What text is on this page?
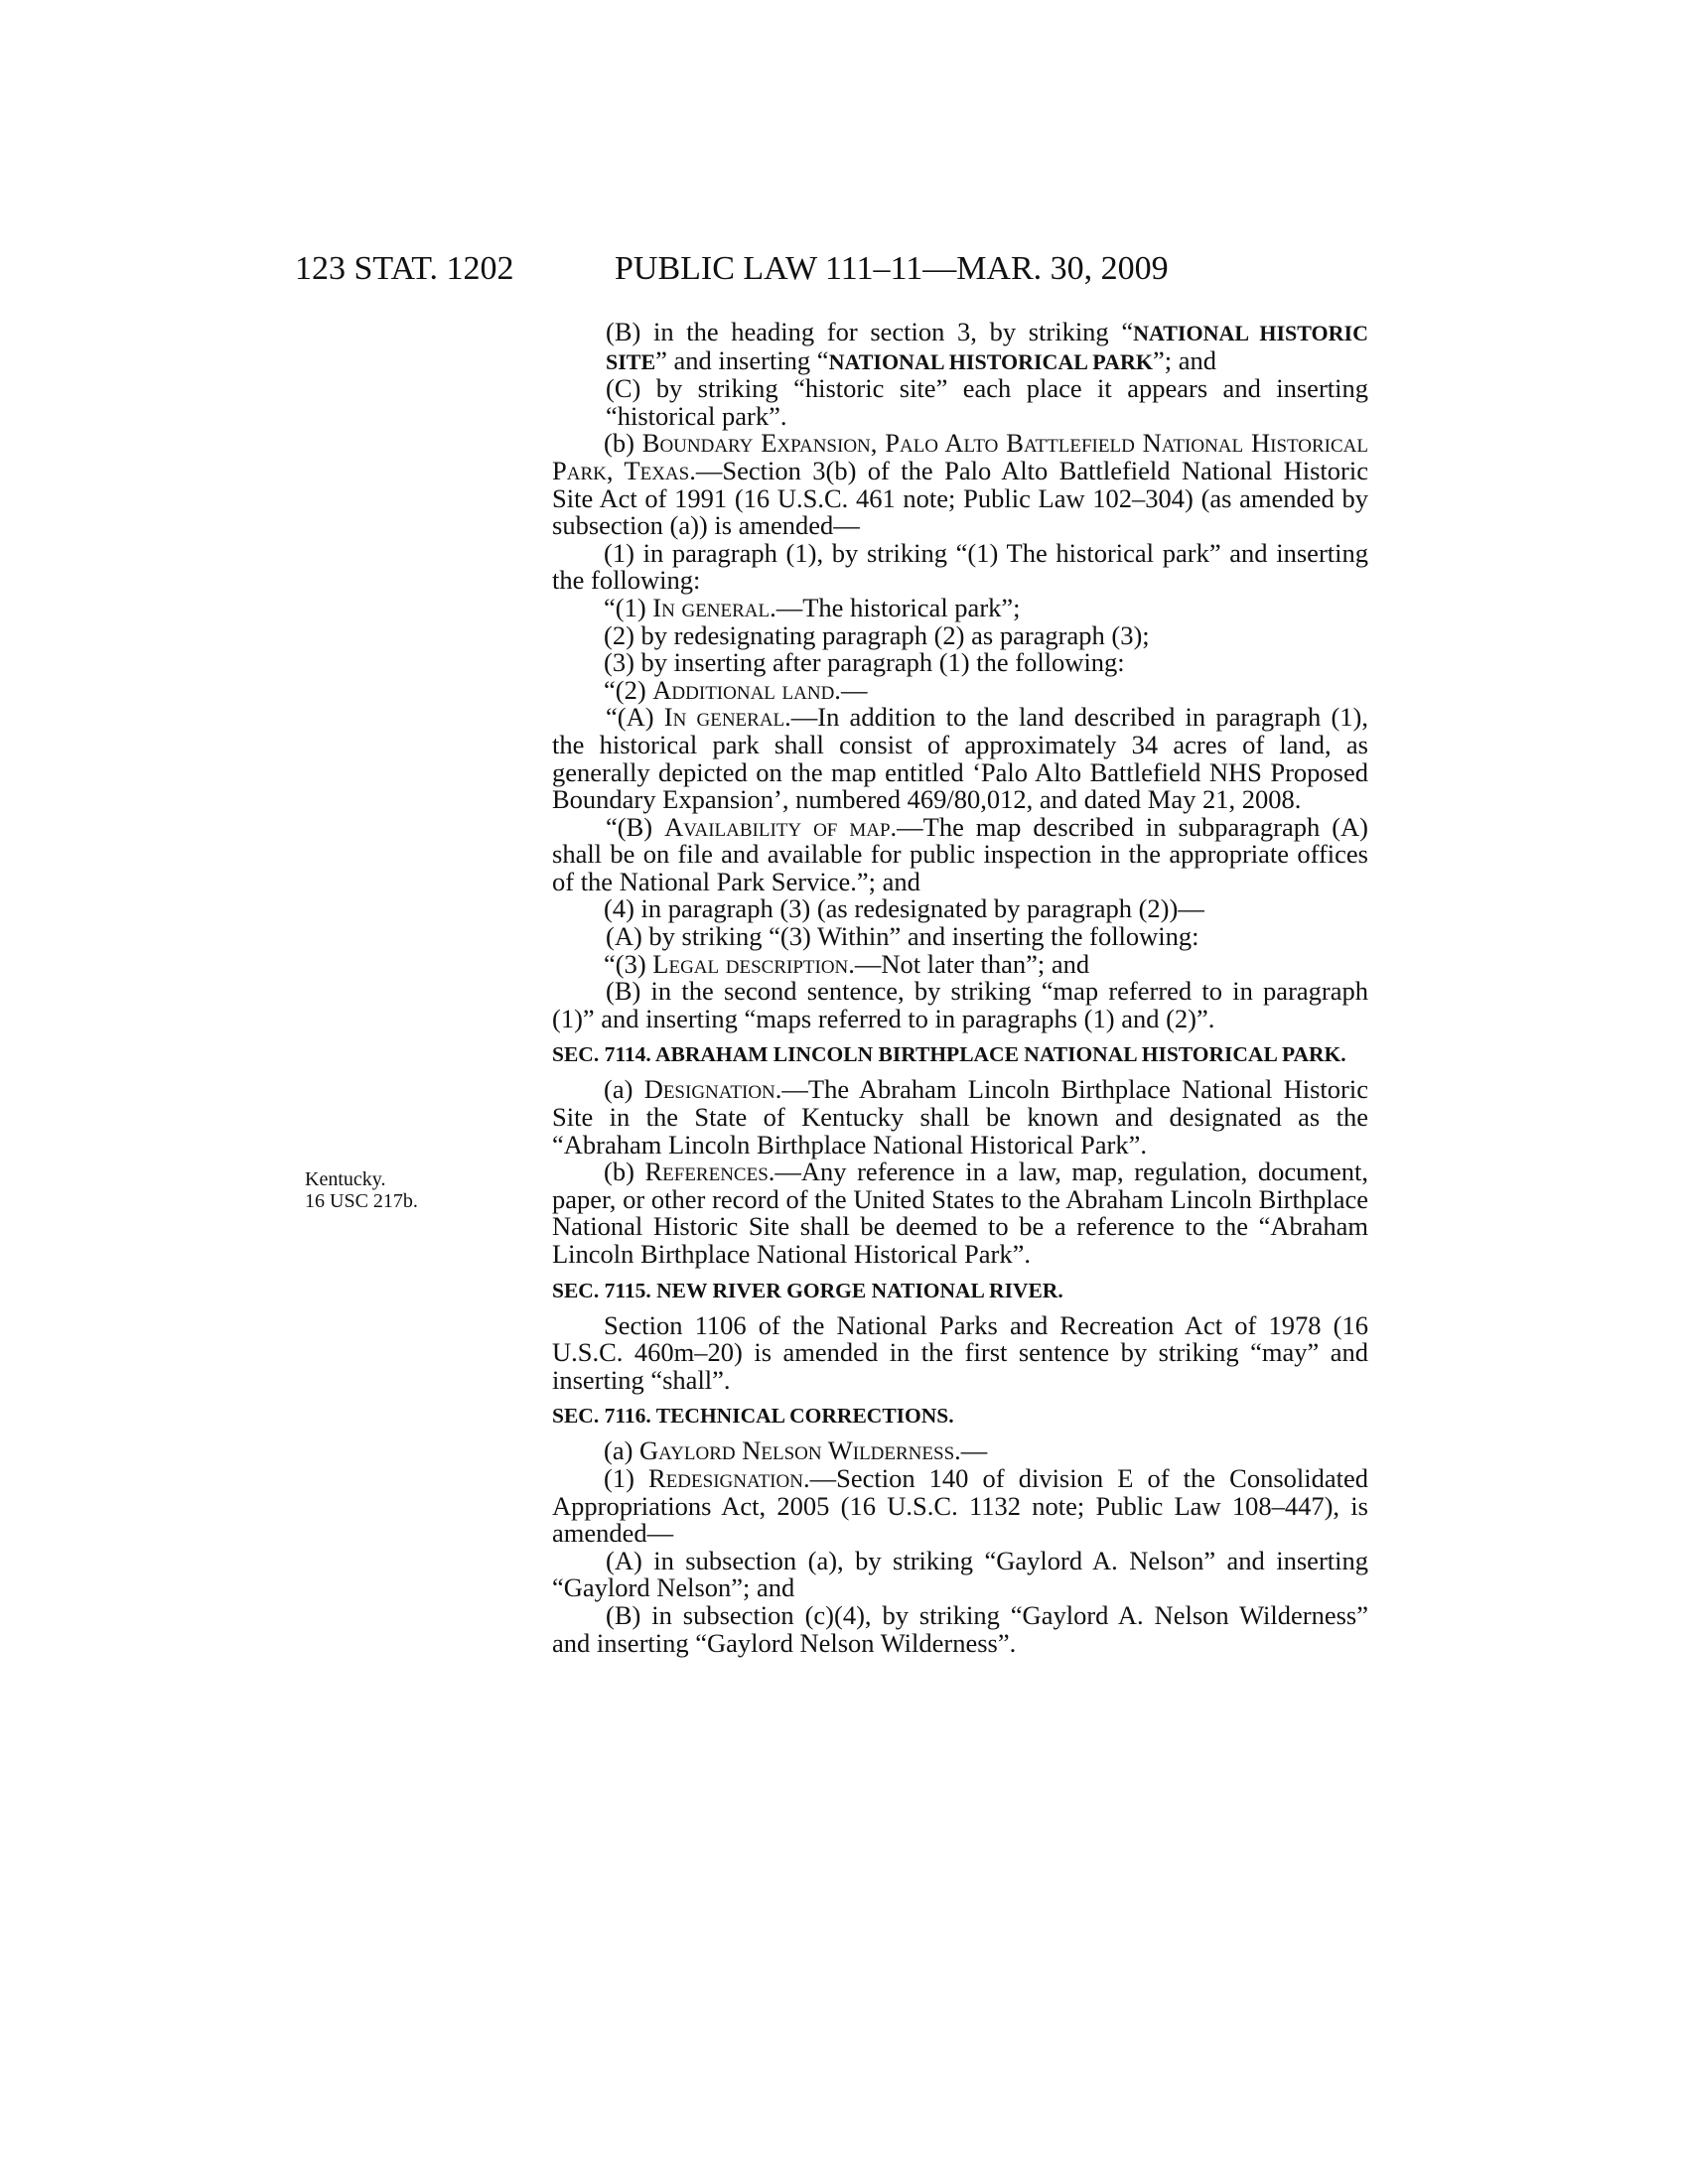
123 STAT. 1202	PUBLIC LAW 111–11—MAR. 30, 2009
Kentucky.
16 USC 217b.

(B) in the heading for section 3, by striking “NATIONAL HISTORIC SITE” and inserting “NATIONAL HISTORICAL PARK”; and

(C) by striking “historic site” each place it appears and inserting “historical park”.

(b) Boundary Expansion, Palo Alto Battlefield National Historical Park, Texas.—Section 3(b) of the Palo Alto Battlefield National Historic Site Act of 1991 (16 U.S.C. 461 note; Public Law 102–304) (as amended by subsection (a)) is amended—

(1) in paragraph (1), by striking “(1) The historical park” and inserting the following:

“(1) In general.—The historical park”;

(2) by redesignating paragraph (2) as paragraph (3);

(3) by inserting after paragraph (1) the following:

“(2) Additional land.—

“(A) In general.—In addition to the land described in paragraph (1), the historical park shall consist of approximately 34 acres of land, as generally depicted on the map entitled ‘Palo Alto Battlefield NHS Proposed Boundary Expansion’, numbered 469/80,012, and dated May 21, 2008.

“(B) Availability of map.—The map described in subparagraph (A) shall be on file and available for public inspection in the appropriate offices of the National Park Service.”; and

(4) in paragraph (3) (as redesignated by paragraph (2))—

(A) by striking “(3) Within” and inserting the following:

“(3) Legal description.—Not later than”; and

(B) in the second sentence, by striking “map referred to in paragraph (1)” and inserting “maps referred to in paragraphs (1) and (2)”.

SEC. 7114. ABRAHAM LINCOLN BIRTHPLACE NATIONAL HISTORICAL PARK.

(a) Designation.—The Abraham Lincoln Birthplace National Historic Site in the State of Kentucky shall be known and designated as the “Abraham Lincoln Birthplace National Historical Park”.

(b) References.—Any reference in a law, map, regulation, document, paper, or other record of the United States to the Abraham Lincoln Birthplace National Historic Site shall be deemed to be a reference to the “Abraham Lincoln Birthplace National Historical Park”.

SEC. 7115. NEW RIVER GORGE NATIONAL RIVER.

Section 1106 of the National Parks and Recreation Act of 1978 (16 U.S.C. 460m–20) is amended in the first sentence by striking “may” and inserting “shall”.

SEC. 7116. TECHNICAL CORRECTIONS.

(a) Gaylord Nelson Wilderness.—

(1) Redesignation.—Section 140 of division E of the Consolidated Appropriations Act, 2005 (16 U.S.C. 1132 note; Public Law 108–447), is amended—

(A) in subsection (a), by striking “Gaylord A. Nelson” and inserting “Gaylord Nelson”; and

(B) in subsection (c)(4), by striking “Gaylord A. Nelson Wilderness” and inserting “Gaylord Nelson Wilderness”.
